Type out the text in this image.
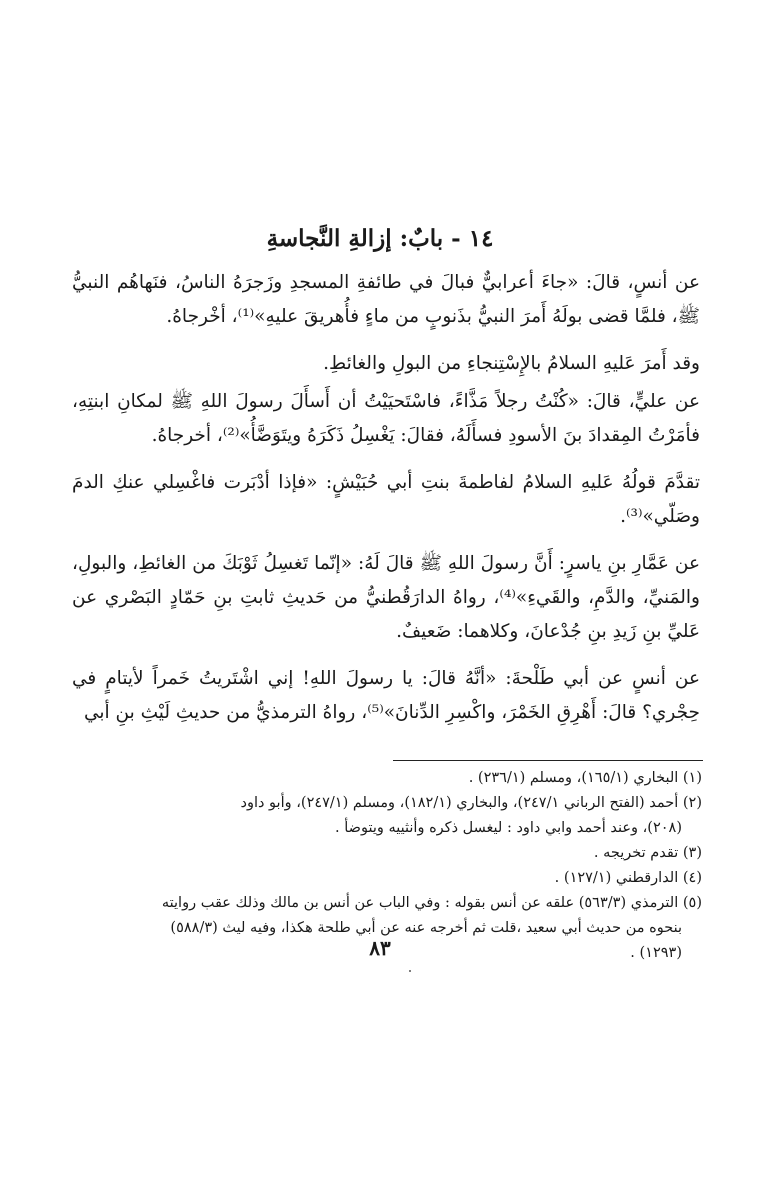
١٤ - بابٌ: إزالةِ النَّجاسةِ

عن أنسٍ، قالَ: «جاءَ أعرابيٌّ فبالَ في طائفةِ المسجدِ وزَجرَهُ الناسُ، فنَهاهُم النبيُّ ﷺ، فلمَّا قضى بولَهُ أَمرَ النبيُّ بذَنوبٍ من ماءٍ فأُهريقَ عليهِ»⁽¹⁾، أخْرجاهُ.

وقد أَمرَ عَليهِ السلامُ بالإِسْتِنجاءِ من البولِ والغائطِ.

عن عليٍّ، قالَ: «كُنْتُ رجلاً مَذَّاءً، فاسْتَحيَيْتُ أن أَسأَلَ رسولَ اللهِ ﷺ لمكانِ ابنتِهِ، فأمَرْتُ المِقدادَ بنَ الأسودِ فسأَلَهُ، فقالَ: يَغْسِلُ ذَكَرَهُ ويتَوَضَّأُ»⁽²⁾، أخرجاهُ.

تقدَّمَ قولُهُ عَليهِ السلامُ لفاطمةَ بنتِ أبي حُبَيْشٍ: «فإذا أدْبَرت فاغْسِلي عنكِ الدمَ وصَلّي»⁽³⁾.

عن عَمَّارِ بنِ ياسرٍ: أَنَّ رسولَ اللهِ ﷺ قالَ لَهُ: «إنّما تَغسِلُ ثَوْبَكَ من الغائطِ، والبولِ، والمَنيِّ، والدَّمِ، والقَيءِ»⁽⁴⁾، رواهُ الدارَقُطنيُّ من حَديثِ ثابتِ بنِ حَمّادٍ البَصْري عن عَليِّ بنِ زَيدِ بنِ جُدْعانَ، وكلاهما: ضَعيفٌ.

عن أنسٍ عن أبي طَلْحةَ: «أنَّهُ قالَ: يا رسولَ اللهِ! إني اشْتَريتُ خَمراً لأيتامٍ في حِجْري؟ قالَ: أَهْرِقِ الخَمْرَ، واكْسِرِ الدِّنانَ»⁽⁵⁾، رواهُ الترمذيُّ من حديثِ لَيْثِ بنِ أبي

(١) البخاري (١٦٥/١)، ومسلم (٢٣٦/١) .
(٢) أحمد (الفتح الرباني ٢٤٧/١)، والبخاري (١٨٢/١)، ومسلم (٢٤٧/١)، وأبو داود
(٢٠٨)، وعند أحمد وابي داود : ليغسل ذكره وأنثييه ويتوضأ .
(٣) تقدم تخريجه .
(٤) الدارقطني (١٢٧/١) .
(٥) الترمذي (٥٦٣/٣) علقه عن أنس بقوله : وفي الباب عن أنس بن مالك وذلك عقب روايته
بنحوه من حديث أبي سعيد ،قلت ثم أخرجه عنه عن أبي طلحة هكذا، وفيه ليث (٥٨٨/٣)
(١٢٩٣) .
٨٣
